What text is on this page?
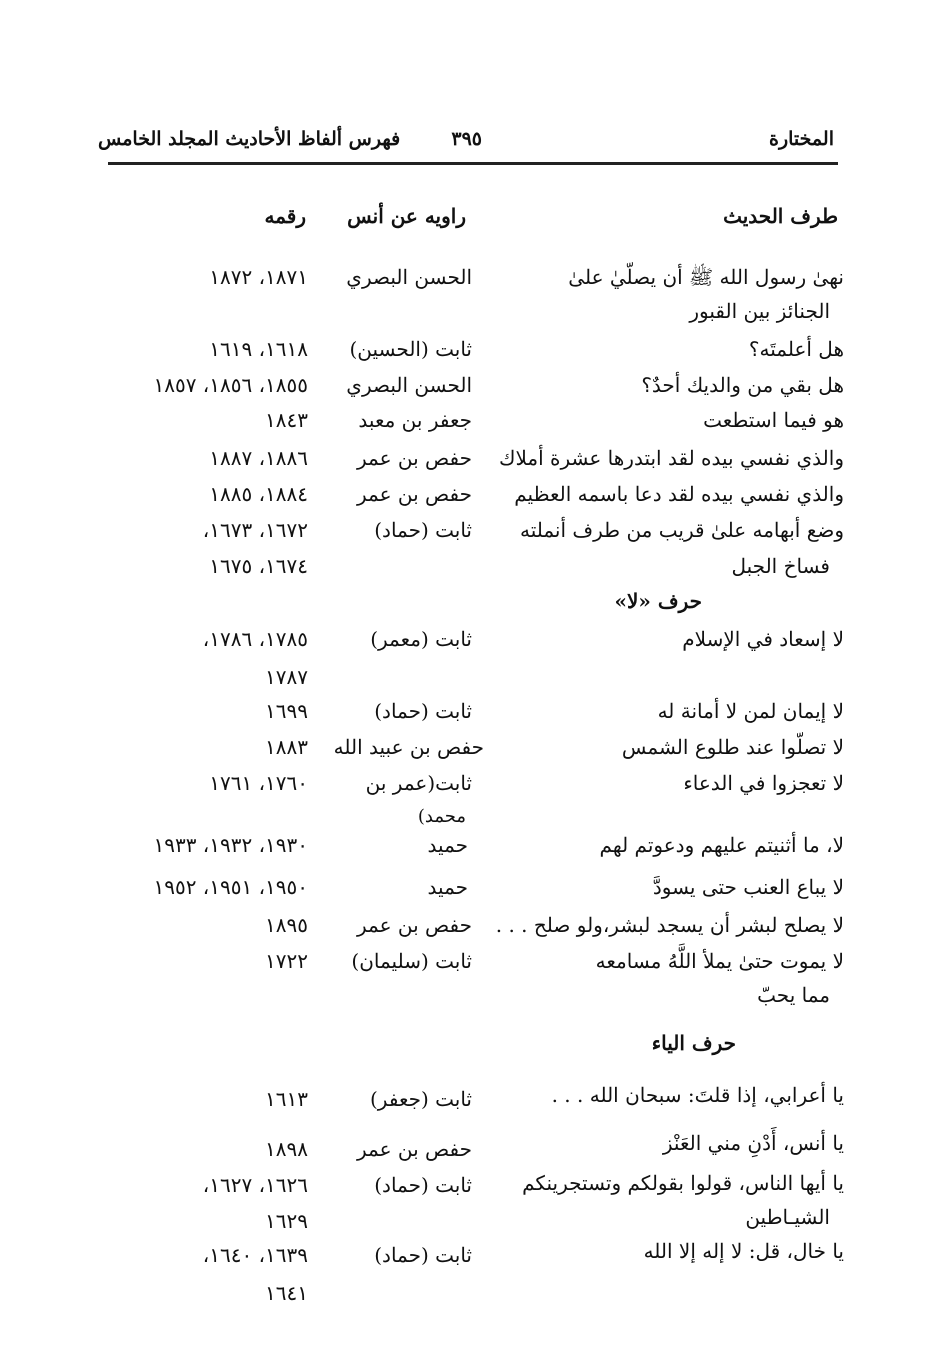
المختارة
٣٩٥
فهرس ألفاظ الأحاديث المجلد الخامس
طرف الحديث
راويه عن أنس
رقمه
نهىٰ رسول الله ﷺ أن يصلّيٰ علىٰ
الجنائز بين القبور
الحسن البصري
١٨٧١، ١٨٧٢
هل أعلمتَه؟
ثابت (الحسين)
١٦١٨، ١٦١٩
هل بقي من والديك أحدٌ؟
الحسن البصري
١٨٥٥، ١٨٥٦، ١٨٥٧
هو فيما استطعت
جعفر بن معبد
١٨٤٣
والذي نفسي بيده لقد ابتدرها عشرة أملاك
حفص بن عمر
١٨٨٦، ١٨٨٧
والذي نفسي بيده لقد دعا باسمه العظيم
حفص بن عمر
١٨٨٤، ١٨٨٥
وضع أبهامه علىٰ قريب من طرف أنملته
فساخ الجبل
ثابت (حماد)
١٦٧٢، ١٦٧٣،
١٦٧٤، ١٦٧٥
حرف «لا»
لا إسعاد في الإسلام
ثابت (معمر)
١٧٨٥، ١٧٨٦،
١٧٨٧
لا إيمان لمن لا أمانة له
ثابت (حماد)
١٦٩٩
لا تصلّوا عند طلوع الشمس
حفص بن عبيد الله
١٨٨٣
لا تعجزوا في الدعاء
ثابت(عمر بن
محمد)
١٧٦٠، ١٧٦١
لا، ما أثنيتم عليهم ودعوتم لهم
حميد
١٩٣٠، ١٩٣٢، ١٩٣٣
لا يباع العنب حتى يسودَّ
حميد
١٩٥٠، ١٩٥١، ١٩٥٢
لا يصلح لبشر أن يسجد لبشر،ولو صلح . . .
حفص بن عمر
١٨٩٥
لا يموت حتىٰ يملأ اللَّهُ مسامعه
مما يحبّ
ثابت (سليمان)
١٧٢٢
حرف الياء
يا أعرابي، إذا قلتَ: سبحان الله . . .
ثابت (جعفر)
١٦١٣
يا أنس، أَدْنِ مني العَنْز
حفص بن عمر
١٨٩٨
يا أيها الناس، قولوا بقولكم وتستجرينكم
الشيـاطين
ثابت (حماد)
١٦٢٦، ١٦٢٧،
١٦٢٩
يا خال، قل: لا إله إلا الله
ثابت (حماد)
١٦٣٩، ١٦٤٠،
١٦٤١
